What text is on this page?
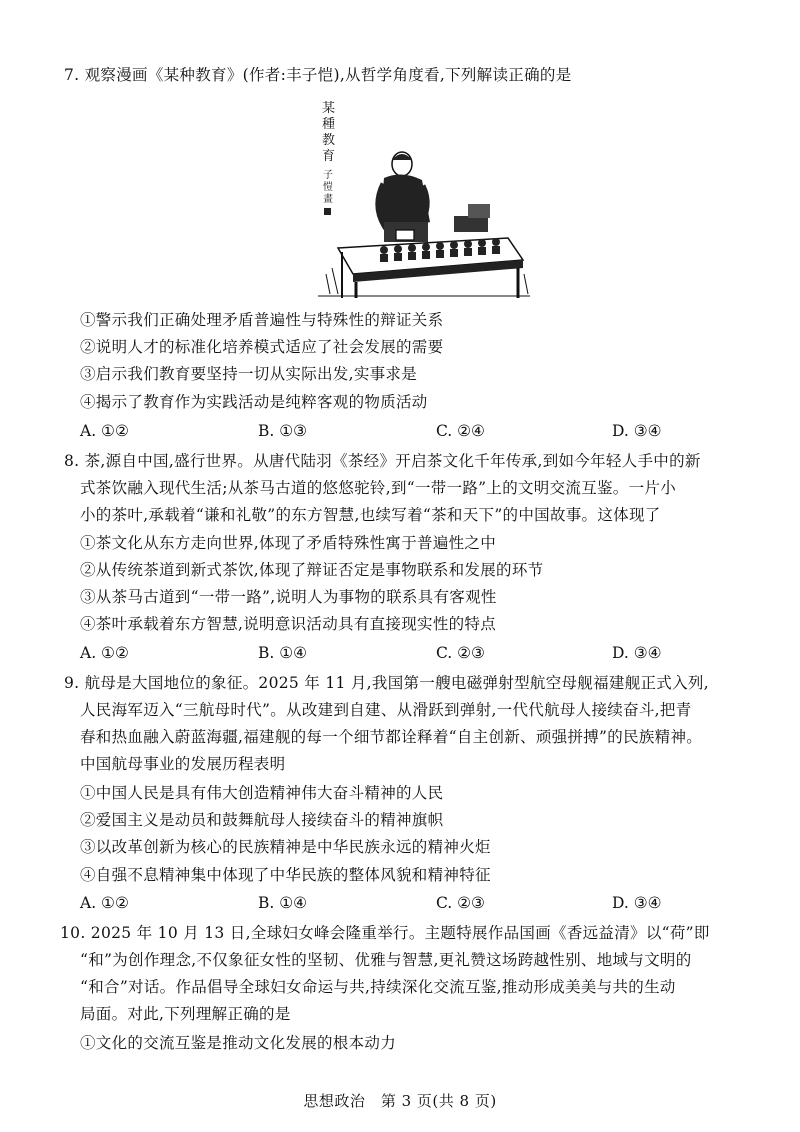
7. 观察漫画《某种教育》(作者:丰子恺),从哲学角度看,下列解读正确的是
某
種
教
育
子
愷
畫
①警示我们正确处理矛盾普遍性与特殊性的辩证关系
②说明人才的标准化培养模式适应了社会发展的需要
③启示我们教育要坚持一切从实际出发,实事求是
④揭示了教育作为实践活动是纯粹客观的物质活动
A. ①②	B. ①③	C. ②④	D. ③④
8. 茶,源自中国,盛行世界。从唐代陆羽《茶经》开启茶文化千年传承,到如今年轻人手中的新
式茶饮融入现代生活;从茶马古道的悠悠驼铃,到“一带一路”上的文明交流互鉴。一片小
小的茶叶,承载着“谦和礼敬”的东方智慧,也续写着“茶和天下”的中国故事。这体现了
①茶文化从东方走向世界,体现了矛盾特殊性寓于普遍性之中
②从传统茶道到新式茶饮,体现了辩证否定是事物联系和发展的环节
③从茶马古道到“一带一路”,说明人为事物的联系具有客观性
④茶叶承载着东方智慧,说明意识活动具有直接现实性的特点
A. ①②	B. ①④	C. ②③	D. ③④
9. 航母是大国地位的象征。2025 年 11 月,我国第一艘电磁弹射型航空母舰福建舰正式入列,
人民海军迈入“三航母时代”。从改建到自建、从滑跃到弹射,一代代航母人接续奋斗,把青
春和热血融入蔚蓝海疆,福建舰的每一个细节都诠释着“自主创新、顽强拼搏”的民族精神。
中国航母事业的发展历程表明
①中国人民是具有伟大创造精神伟大奋斗精神的人民
②爱国主义是动员和鼓舞航母人接续奋斗的精神旗帜
③以改革创新为核心的民族精神是中华民族永远的精神火炬
④自强不息精神集中体现了中华民族的整体风貌和精神特征
A. ①②	B. ①④	C. ②③	D. ③④
10. 2025 年 10 月 13 日,全球妇女峰会隆重举行。主题特展作品国画《香远益清》以“荷”即
“和”为创作理念,不仅象征女性的坚韧、优雅与智慧,更礼赞这场跨越性别、地域与文明的
“和合”对话。作品倡导全球妇女命运与共,持续深化交流互鉴,推动形成美美与共的生动
局面。对此,下列理解正确的是
①文化的交流互鉴是推动文化发展的根本动力
思想政治　第 3 页(共 8 页)
